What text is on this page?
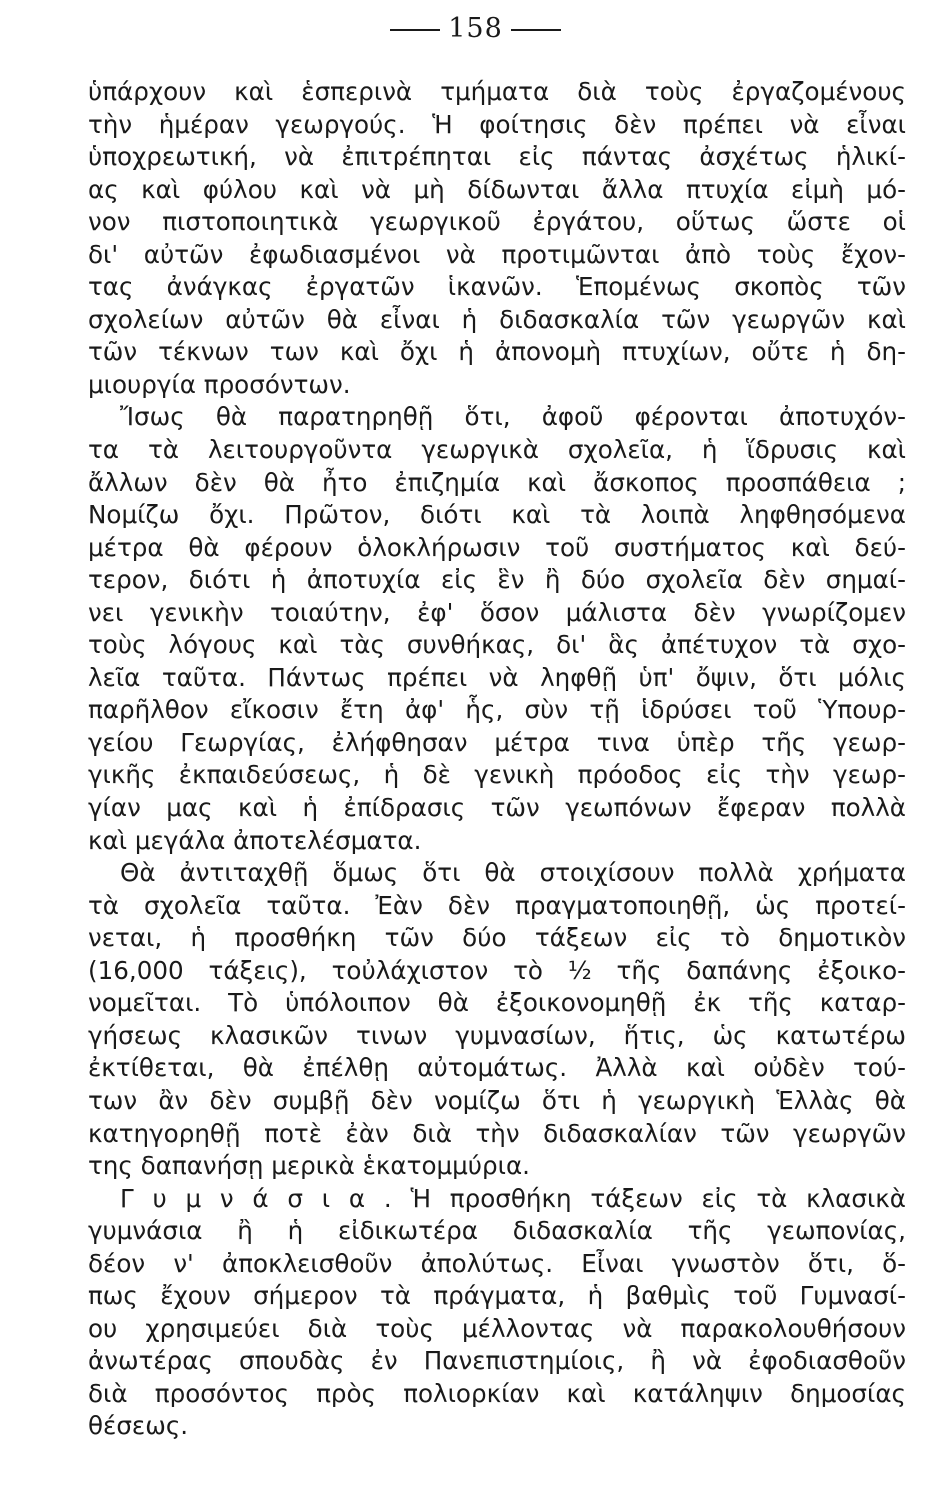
158
ὑπάρχουν καὶ ἑσπερινὰ τμήματα διὰ τοὺς ἐργαζομένους
τὴν ἡμέραν γεωργούς. Ἡ φοίτησις δὲν πρέπει νὰ εἶναι
ὑποχρεωτική, νὰ ἐπιτρέπηται εἰς πάντας ἀσχέτως ἡλικί-
ας καὶ φύλου καὶ νὰ μὴ δίδωνται ἄλλα πτυχία εἰμὴ μό-
νον πιστοποιητικὰ γεωργικοῦ ἐργάτου, οὕτως ὥστε οἱ
δι' αὐτῶν ἐφωδιασμένοι νὰ προτιμῶνται ἀπὸ τοὺς ἔχον-
τας ἀνάγκας ἐργατῶν ἱκανῶν. Ἑπομένως σκοπὸς τῶν
σχολείων αὐτῶν θὰ εἶναι ἡ διδασκαλία τῶν γεωργῶν καὶ
τῶν τέκνων των καὶ ὄχι ἡ ἀπονομὴ πτυχίων, οὔτε ἡ δη-
μιουργία προσόντων.
Ἴσως θὰ παρατηρηθῇ ὅτι, ἀφοῦ φέρονται ἀποτυχόν-
τα τὰ λειτουργοῦντα γεωργικὰ σχολεῖα, ἡ ἵδρυσις καὶ
ἄλλων δὲν θὰ ἦτο ἐπιζημία καὶ ἄσκοπος προσπάθεια ;
Νομίζω ὄχι. Πρῶτον, διότι καὶ τὰ λοιπὰ ληφθησόμενα
μέτρα θὰ φέρουν ὁλοκλήρωσιν τοῦ συστήματος καὶ δεύ-
τερον, διότι ἡ ἀποτυχία εἰς ἓν ἢ δύο σχολεῖα δὲν σημαί-
νει γενικὴν τοιαύτην, ἐφ' ὅσον μάλιστα δὲν γνωρίζομεν
τοὺς λόγους καὶ τὰς συνθήκας, δι' ἃς ἀπέτυχον τὰ σχο-
λεῖα ταῦτα. Πάντως πρέπει νὰ ληφθῇ ὑπ' ὄψιν, ὅτι μόλις
παρῆλθον εἴκοσιν ἔτη ἀφ' ἧς, σὺν τῇ ἱδρύσει τοῦ Ὑπουρ-
γείου Γεωργίας, ἐλήφθησαν μέτρα τινα ὑπὲρ τῆς γεωρ-
γικῆς ἐκπαιδεύσεως, ἡ δὲ γενικὴ πρόοδος εἰς τὴν γεωρ-
γίαν μας καὶ ἡ ἐπίδρασις τῶν γεωπόνων ἔφεραν πολλὰ
καὶ μεγάλα ἀποτελέσματα.
Θὰ ἀντιταχθῇ ὅμως ὅτι θὰ στοιχίσουν πολλὰ χρήματα
τὰ σχολεῖα ταῦτα. Ἐὰν δὲν πραγματοποιηθῇ, ὡς προτεί-
νεται, ἡ προσθήκη τῶν δύο τάξεων εἰς τὸ δημοτικὸν
(16,000 τάξεις), τοὐλάχιστον τὸ ½ τῆς δαπάνης ἐξοικο-
νομεῖται. Τὸ ὑπόλοιπον θὰ ἐξοικονομηθῇ ἐκ τῆς καταρ-
γήσεως κλασικῶν τινων γυμνασίων, ἥτις, ὡς κατωτέρω
ἐκτίθεται, θὰ ἐπέλθῃ αὐτομάτως. Ἀλλὰ καὶ οὐδὲν τού-
των ἂν δὲν συμβῇ δὲν νομίζω ὅτι ἡ γεωργικὴ Ἑλλὰς θὰ
κατηγορηθῇ ποτὲ ἐὰν διὰ τὴν διδασκαλίαν τῶν γεωργῶν
της δαπανήσῃ μερικὰ ἑκατομμύρια.
Γ υ μ ν ά σ ι α . Ἡ προσθήκη τάξεων εἰς τὰ κλασικὰ
γυμνάσια ἢ ἡ εἰδικωτέρα διδασκαλία τῆς γεωπονίας,
δέον ν' ἀποκλεισθοῦν ἀπολύτως. Εἶναι γνωστὸν ὅτι, ὅ-
πως ἔχουν σήμερον τὰ πράγματα, ἡ βαθμὶς τοῦ Γυμνασί-
ου χρησιμεύει διὰ τοὺς μέλλοντας νὰ παρακολουθήσουν
ἀνωτέρας σπουδὰς ἐν Πανεπιστημίοις, ἢ νὰ ἐφοδιασθοῦν
διὰ προσόντος πρὸς πολιορκίαν καὶ κατάληψιν δημοσίας
θέσεως.
